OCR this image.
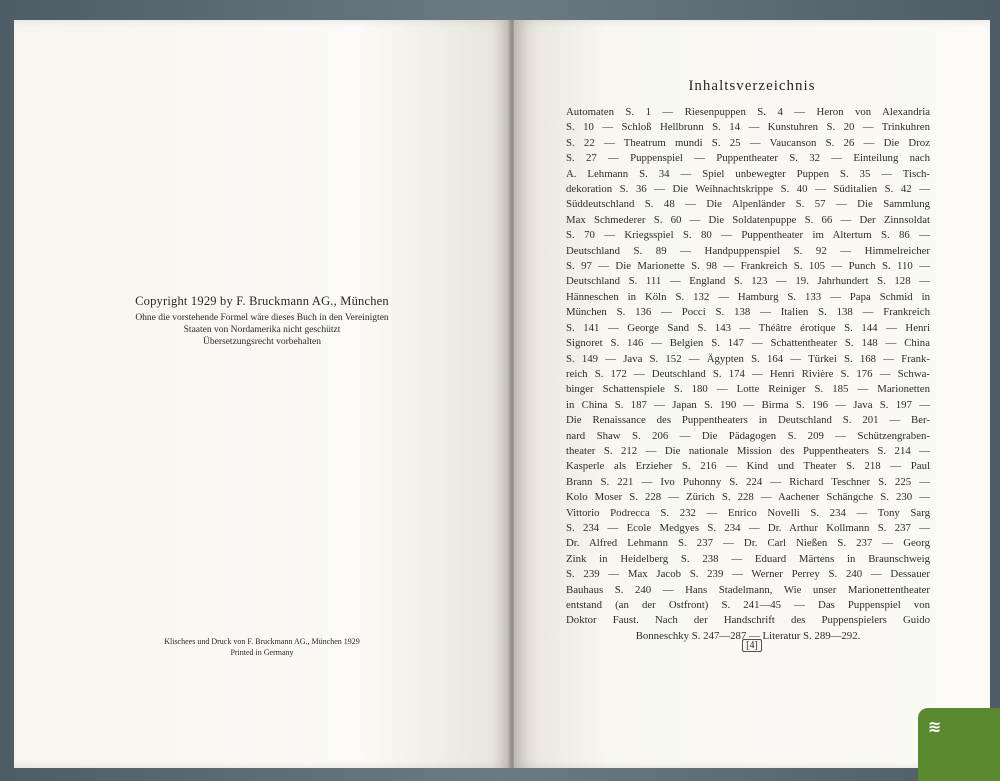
Copyright 1929 by F. Bruckmann AG., München
Ohne die vorstehende Formel wäre dieses Buch in den Vereinigten
Staaten von Nordamerika nicht geschützt
Übersetzungsrecht vorbehalten
Klischees und Druck von F. Bruckmann AG., München 1929
Printed in Germany
Inhaltsverzeichnis
Automaten S. 1 — Riesenpuppen S. 4 — Heron von Alexandria
S. 10 — Schloß Hellbrunn S. 14 — Kunstuhren S. 20 — Trinkuhren
S. 22 — Theatrum mundi S. 25 — Vaucanson S. 26 — Die Droz
S. 27 — Puppenspiel — Puppentheater S. 32 — Einteilung nach
A. Lehmann S. 34 — Spiel unbewegter Puppen S. 35 — Tisch-
dekoration S. 36 — Die Weihnachtskrippe S. 40 — Süditalien S. 42 —
Süddeutschland S. 48 — Die Alpenländer S. 57 — Die Sammlung
Max Schmederer S. 60 — Die Soldatenpuppe S. 66 — Der Zinnsoldat
S. 70 — Kriegsspiel S. 80 — Puppentheater im Altertum S. 86 —
Deutschland S. 89 — Handpuppenspiel S. 92 — Himmelreicher
S. 97 — Die Marionette S. 98 — Frankreich S. 105 — Punch S. 110 —
Deutschland S. 111 — England S. 123 — 19. Jahrhundert S. 128 —
Hänneschen in Köln S. 132 — Hamburg S. 133 — Papa Schmid in
München S. 136 — Pocci S. 138 — Italien S. 138 — Frankreich
S. 141 — George Sand S. 143 — Théâtre érotique S. 144 — Henri
Signoret S. 146 — Belgien S. 147 — Schattentheater S. 148 — China
S. 149 — Java S. 152 — Ägypten S. 164 — Türkei S. 168 — Frank-
reich S. 172 — Deutschland S. 174 — Henri Rivière S. 176 — Schwa-
binger Schattenspiele S. 180 — Lotte Reiniger S. 185 — Marionetten
in China S. 187 — Japan S. 190 — Birma S. 196 — Java S. 197 —
Die Renaissance des Puppentheaters in Deutschland S. 201 — Ber-
nard Shaw S. 206 — Die Pädagogen S. 209 — Schützengraben-
theater S. 212 — Die nationale Mission des Puppentheaters S. 214 —
Kasperle als Erzieher S. 216 — Kind und Theater S. 218 — Paul
Brann S. 221 — Ivo Puhonny S. 224 — Richard Teschner S. 225 —
Kolo Moser S. 228 — Zürich S. 228 — Aachener Schängche S. 230 —
Vittorio Podrecca S. 232 — Enrico Novelli S. 234 — Tony Sarg
S. 234 — Ecole Medgyes S. 234 — Dr. Arthur Kollmann S. 237 —
Dr. Alfred Lehmann S. 237 — Dr. Carl Nießen S. 237 — Georg
Zink in Heidelberg S. 238 — Eduard Märtens in Braunschweig
S. 239 — Max Jacob S. 239 — Werner Perrey S. 240 — Dessauer
Bauhaus S. 240 — Hans Stadelmann, Wie unser Marionettentheater
entstand (an der Ostfront) S. 241—45 — Das Puppenspiel von
Doktor Faust. Nach der Handschrift des Puppenspielers Guido
Bonneschky S. 247—287 — Literatur S. 289—292.
[4]
≋
